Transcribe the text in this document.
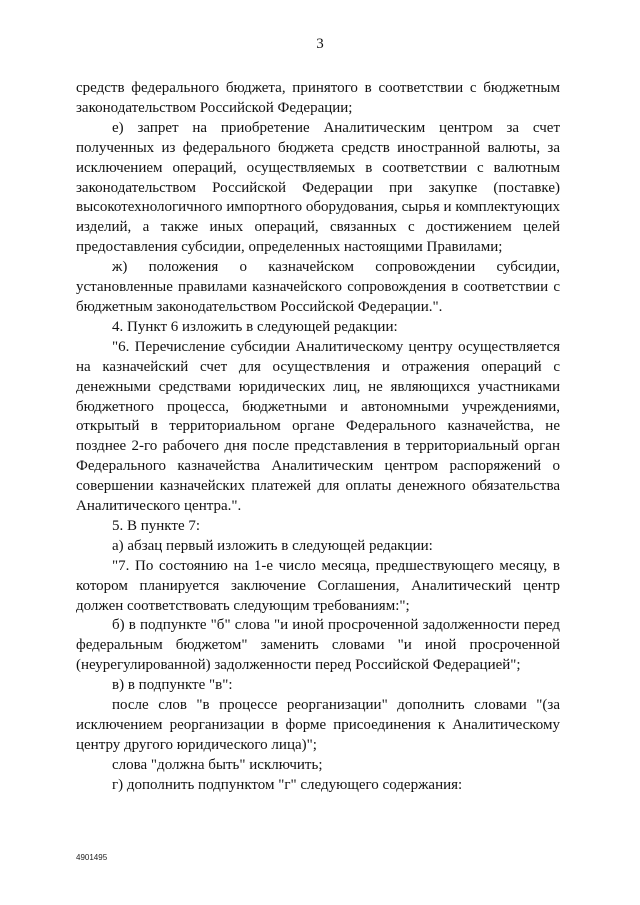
3

средств федерального бюджета, принятого в соответствии с бюджетным законодательством Российской Федерации;

е) запрет на приобретение Аналитическим центром за счет полученных из федерального бюджета средств иностранной валюты, за исключением операций, осуществляемых в соответствии с валютным законодательством Российской Федерации при закупке (поставке) высокотехнологичного импортного оборудования, сырья и комплектующих изделий, а также иных операций, связанных с достижением целей предоставления субсидии, определенных настоящими Правилами;

ж) положения о казначейском сопровождении субсидии, установленные правилами казначейского сопровождения в соответствии с бюджетным законодательством Российской Федерации.".

4. Пункт 6 изложить в следующей редакции:

"6. Перечисление субсидии Аналитическому центру осуществляется на казначейский счет для осуществления и отражения операций с денежными средствами юридических лиц, не являющихся участниками бюджетного процесса, бюджетными и автономными учреждениями, открытый в территориальном органе Федерального казначейства, не позднее 2-го рабочего дня после представления в территориальный орган Федерального казначейства Аналитическим центром распоряжений о совершении казначейских платежей для оплаты денежного обязательства Аналитического центра.".

5. В пункте 7:

а) абзац первый изложить в следующей редакции:

"7. По состоянию на 1-е число месяца, предшествующего месяцу, в котором планируется заключение Соглашения, Аналитический центр должен соответствовать следующим требованиям:";

б) в подпункте "б" слова "и иной просроченной задолженности перед федеральным бюджетом" заменить словами "и иной просроченной (неурегулированной) задолженности перед Российской Федерацией";

в) в подпункте "в":

после слов "в процессе реорганизации" дополнить словами "(за исключением реорганизации в форме присоединения к Аналитическому центру другого юридического лица)";

слова "должна быть" исключить;

г) дополнить подпунктом "г" следующего содержания:

4901495
